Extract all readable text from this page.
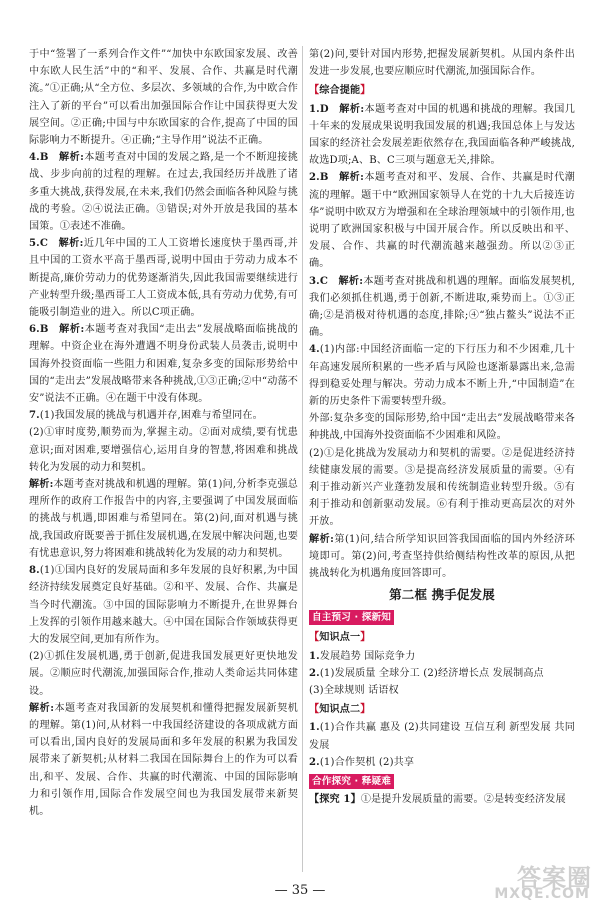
于中“签署了一系列合作文件”“加快中东欧国家发展、改善中东欧人民生活”中的“和平、发展、合作、共赢是时代潮流。”①正确;从“全方位、多层次、多领域的合作,为中欧合作注入了新的平台”可以看出加强国际合作让中国获得更大发展空间。②正确;中国与中东欧国家的合作,提高了中国的国际影响力不断提升。④正确;“主导作用”说法不正确。

4.B  解析:本题考查对中国的发展之路,是一个不断迎接挑战、步步向前的过程的理解。在过去,我国经历并战胜了诸多重大挑战,获得发展,在未来,我们仍然会面临各种风险与挑战的考验。②④说法正确。③错误;对外开放是我国的基本国策。①表述不准确。

5.C  解析:近几年中国的工人工资增长速度快于墨西哥,并且中国的工资水平高于墨西哥,说明中国由于劳动力成本不断提高,廉价劳动力的优势逐渐消失,因此我国需要继续进行产业转型升级;墨西哥工人工资成本低,具有劳动力优势,有可能吸引制造业的进入。所以C项正确。

6.B  解析:本题考查对我国“走出去”发展战略面临挑战的理解。中资企业在海外遭遇不明身份武装人员袭击,说明中国海外投资面临一些阻力和困难,复杂多变的国际形势给中国的“走出去”发展战略带来各种挑战,①③正确;②中“动荡不安”说法不正确。④在题干中没有体现。

7.(1)我国发展的挑战与机遇并存,困难与希望同在。

(2)①审时度势,顺势而为,掌握主动。②面对成绩,要有忧患意识;面对困难,要增强信心,运用自身的智慧,将困难和挑战转化为发展的动力和契机。

解析:本题考查对挑战和机遇的理解。第(1)问,分析李克强总理所作的政府工作报告中的内容,主要强调了中国发展面临的挑战与机遇,即困难与希望同在。第(2)问,面对机遇与挑战,我国政府既要善于抓住发展机遇,在发展中解决问题,也要有忧患意识,努力将困难和挑战转化为发展的动力和契机。

8.(1)①国内良好的发展局面和多年发展的良好积累,为中国经济持续发展奠定良好基础。②和平、发展、合作、共赢是当今时代潮流。③中国的国际影响力不断提升,在世界舞台上发挥的引领作用越来越大。④中国在国际合作领域获得更大的发展空间,更加有所作为。

(2)①抓住发展机遇,勇于创新,促进我国发展更好更快地发展。②顺应时代潮流,加强国际合作,推动人类命运共同体建设。

解析:本题考查对我国新的发展契机和懂得把握发展新契机的理解。第(1)问,从材料一中我国经济建设的各项成就方面可以看出,国内良好的发展局面和多年发展的积累为我国发展带来了新契机;从材料二我国在国际舞台上的作为可以看出,和平、发展、合作、共赢的时代潮流、中国的国际影响力和引领作用,国际合作发展空间也为我国发展带来新契机。

第(2)问,要针对国内形势,把握发展新契机。从国内条件出发进一步发展,也要应顺应时代潮流,加强国际合作。

【综合提能】

1.D  解析:本题考查对中国的机遇和挑战的理解。我国几十年来的发展成果说明我国发展的机遇;我国总体上与发达国家的经济社会发展差距依然存在,我国面临各种严峻挑战,故选D项;A、B、C三项与题意无关,排除。

2.B  解析:本题考查对和平、发展、合作、共赢是时代潮流的理解。题干中“欧洲国家领导人在党的十九大后接连访华”说明中欧双方为增强和在全球治理领域中的引领作用,也说明了欧洲国家积极与中国开展合作。所以反映出和平、发展、合作、共赢的时代潮流越来越强劲。所以②③正确。

3.C  解析:本题考查对挑战和机遇的理解。面临发展契机,我们必须抓住机遇,勇于创新,不断进取,乘势而上。①③正确;②是消极对待机遇的态度,排除;④“独占鳌头”说法不正确。

4.(1)内部:中国经济面临一定的下行压力和不少困难,几十年高速发展所积累的一些矛盾与风险也逐渐暴露出来,急需得到稳妥处理与解决。劳动力成本不断上升,“中国制造”在新的历史条件下需要转型升级。

外部:复杂多变的国际形势,给中国“走出去”发展战略带来各种挑战,中国海外投资面临不少困难和风险。

(2)①是化挑战为发展动力和契机的需要。②是促进经济持续健康发展的需要。③是提高经济发展质量的需要。④有利于推动新兴产业蓬勃发展和传统制造业转型升级。⑤有利于推动和创新驱动发展。⑥有利于推动更高层次的对外开放。

解析:第(1)问,结合所学知识回答我国面临的国内外经济环境即可。第(2)问,考查坚持供给侧结构性改革的原因,从把挑战转化为机遇角度回答即可。

第二框 携手促发展
自主预习 · 探新知
【知识点一】

1.发展趋势 国际竞争力

2.(1)发展质量 全球分工 (2)经济增长点 发展制高点

(3)全球规则 话语权

【知识点二】

1.(1)合作共赢 惠及 (2)共同建设 互信互利 新型发展 共同发展

2.(1)合作契机 (2)共享

合作探究 · 释疑难

【探究 1】①是提升发展质量的需要。②是转变经济发展

— 35 —	答案圈
MXQE.COM
